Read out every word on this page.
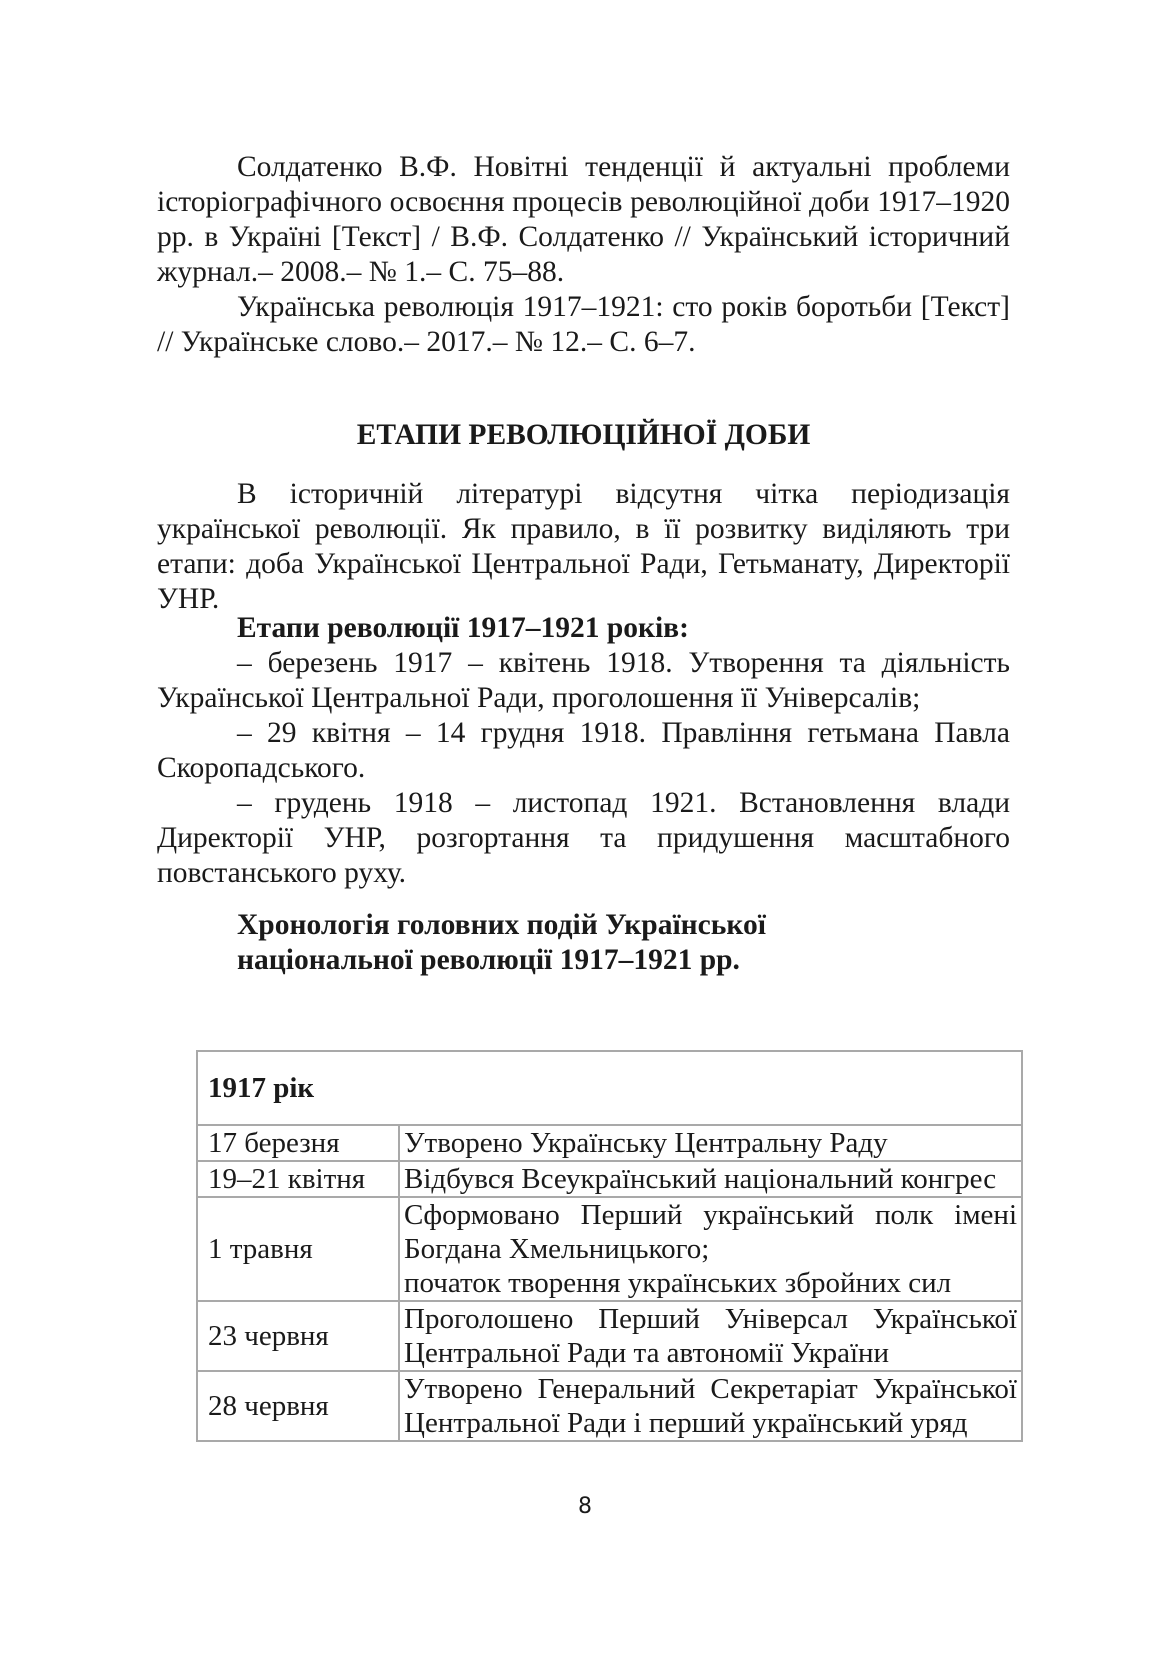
Солдатенко В.Ф. Новітні тенденції й актуальні проблеми історіографічного освоєння процесів революційної доби 1917–1920 рр. в Україні [Текст] / В.Ф. Солдатенко // Український історичний журнал.– 2008.– № 1.– С. 75–88.

Українська революція 1917–1921: сто років боротьби [Текст] // Українське слово.– 2017.– № 12.– С. 6–7.

ЕТАПИ РЕВОЛЮЦІЙНОЇ ДОБИ

В історичній літературі відсутня чітка періодизація української революції. Як правило, в її розвитку виділяють три етапи: доба Української Центральної Ради, Гетьманату, Директорії УНР.

Етапи революції 1917–1921 років:

– березень 1917 – квітень 1918. Утворення та діяльність Української Центральної Ради, проголошення її Універсалів;
– 29 квітня – 14 грудня 1918. Правління гетьмана Павла Скоропадського.
– грудень 1918 – листопад 1921. Встановлення влади Директорії УНР, розгортання та придушення масштабного повстанського руху.

Хронологія головних подій Української

національної революції 1917–1921 рр.

1917 рік	
17 березня	Утворено Українську Центральну Раду

19–21 квітня	Відбувся Всеукраїнський національний конгрес

1 травня	Сформовано Перший український полк імені Богдана Хмельницького;
початок творення українських збройних сил

23 червня	Проголошено Перший Універсал Української Центральної Ради та автономії України

28 червня	Утворено Генеральний Секретаріат Української Центральної Ради і перший український уряд
8
